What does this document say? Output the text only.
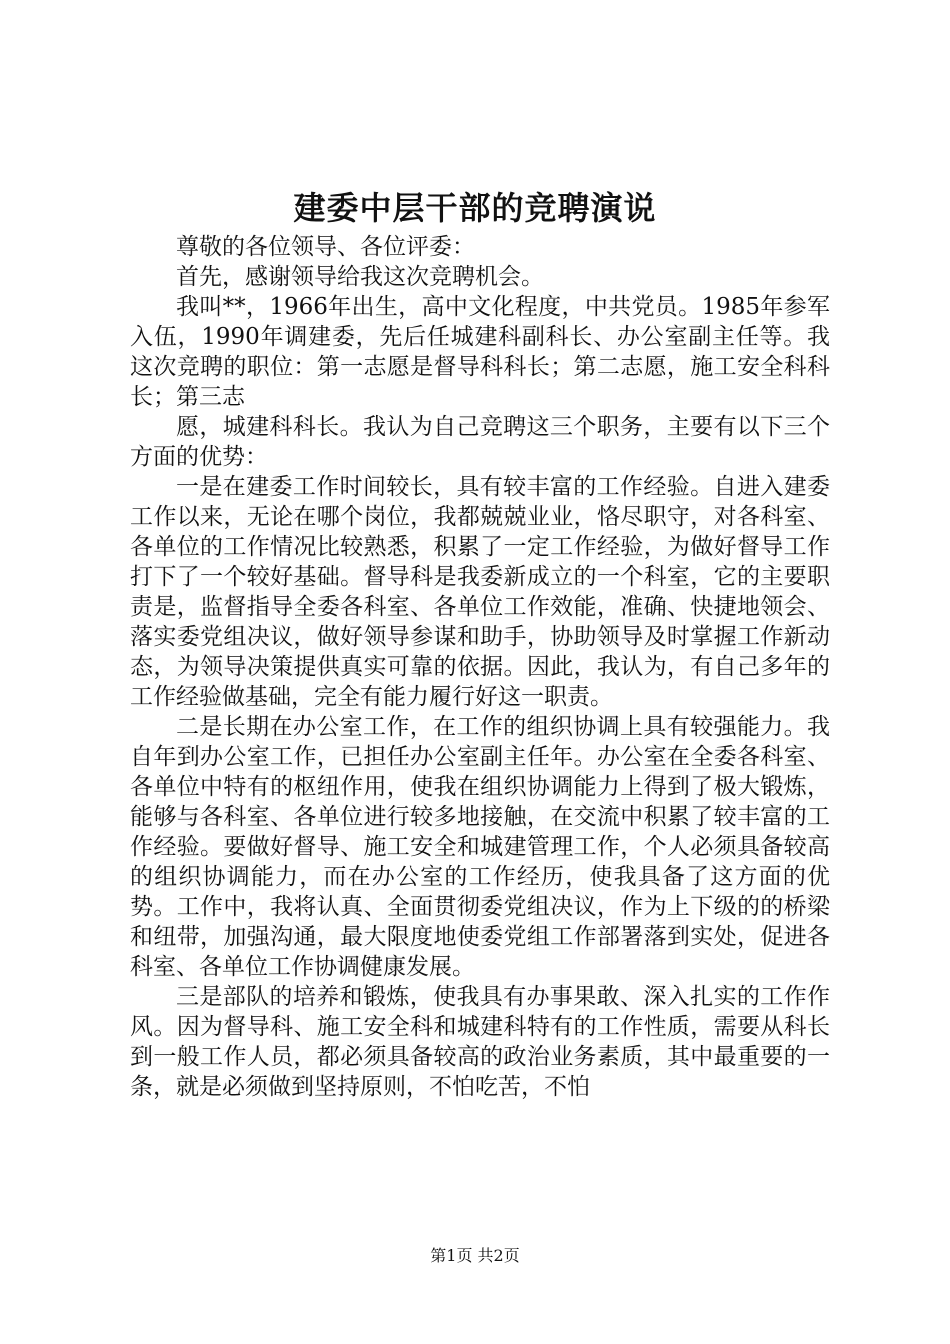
建委中层干部的竞聘演说

尊敬的各位领导、各位评委：

首先，感谢领导给我这次竞聘机会。

我叫**，1966年出生，高中文化程度，中共党员。1985年参军入伍，1990年调建委，先后任城建科副科长、办公室副主任等。我这次竞聘的职位：第一志愿是督导科科长；第二志愿，施工安全科科长；第三志

愿，城建科科长。我认为自己竞聘这三个职务，主要有以下三个方面的优势：

一是在建委工作时间较长，具有较丰富的工作经验。自进入建委工作以来，无论在哪个岗位，我都兢兢业业，恪尽职守，对各科室、各单位的工作情况比较熟悉，积累了一定工作经验，为做好督导工作打下了一个较好基础。督导科是我委新成立的一个科室，它的主要职责是，监督指导全委各科室、各单位工作效能，准确、快捷地领会、落实委党组决议，做好领导参谋和助手，协助领导及时掌握工作新动态，为领导决策提供真实可靠的依据。因此，我认为，有自己多年的工作经验做基础，完全有能力履行好这一职责。

二是长期在办公室工作，在工作的组织协调上具有较强能力。我自年到办公室工作，已担任办公室副主任年。办公室在全委各科室、各单位中特有的枢纽作用，使我在组织协调能力上得到了极大锻炼，能够与各科室、各单位进行较多地接触，在交流中积累了较丰富的工作经验。要做好督导、施工安全和城建管理工作，个人必须具备较高的组织协调能力，而在办公室的工作经历，使我具备了这方面的优势。工作中，我将认真、全面贯彻委党组决议，作为上下级的的桥梁和纽带，加强沟通，最大限度地使委党组工作部署落到实处，促进各科室、各单位工作协调健康发展。

三是部队的培养和锻炼，使我具有办事果敢、深入扎实的工作作风。因为督导科、施工安全科和城建科特有的工作性质，需要从科长到一般工作人员，都必须具备较高的政治业务素质，其中最重要的一条，就是必须做到坚持原则，不怕吃苦，不怕

第1页 共2页
